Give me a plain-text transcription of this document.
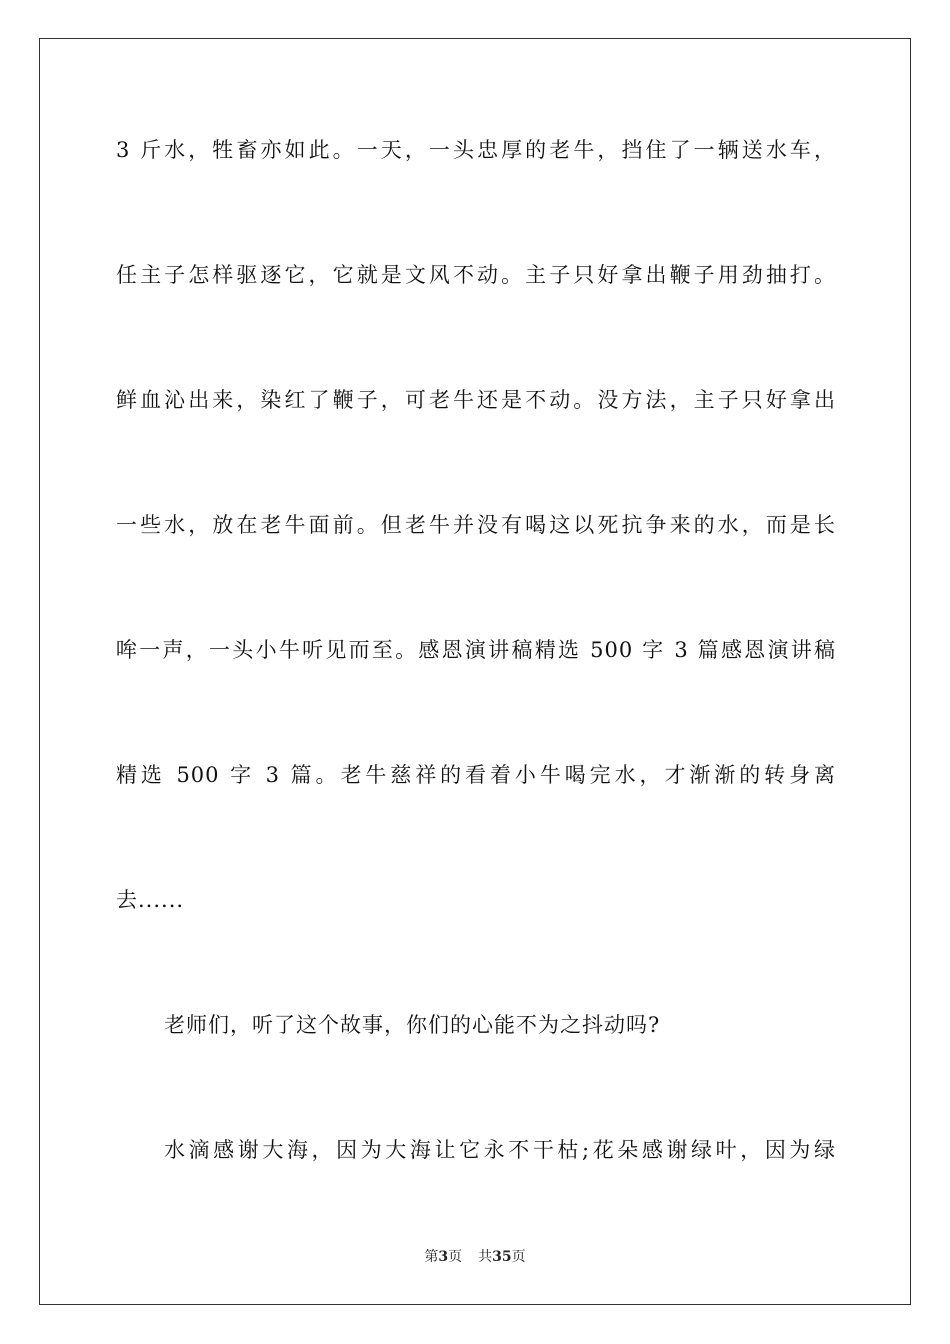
3 斤水，牲畜亦如此。一天，一头忠厚的老牛，挡住了一辆送水车，
任主子怎样驱逐它，它就是文风不动。主子只好拿出鞭子用劲抽打。
鲜血沁出来，染红了鞭子，可老牛还是不动。没方法，主子只好拿出
一些水，放在老牛面前。但老牛并没有喝这以死抗争来的水，而是长
哞一声，一头小牛听见而至。感恩演讲稿精选 500 字 3 篇感恩演讲稿
精选 500 字 3 篇。老牛慈祥的看着小牛喝完水，才渐渐的转身离
去......
老师们，听了这个故事，你们的心能不为之抖动吗?
水滴感谢大海，因为大海让它永不干枯;花朵感谢绿叶，因为绿
第3页 共35页
